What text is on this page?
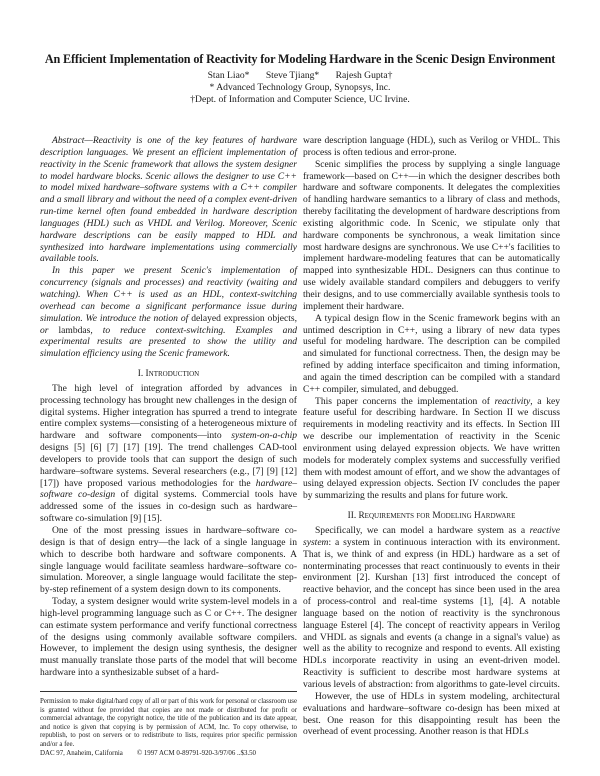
An Efficient Implementation of Reactivity for Modeling Hardware in the Scenic Design Environment
Stan Liao* Steve Tjiang* Rajesh Gupta†
* Advanced Technology Group, Synopsys, Inc.
†Dept. of Information and Computer Science, UC Irvine.

Abstract—Reactivity is one of the key features of hardware description languages. We present an efficient implementation of reactivity in the Scenic framework that allows the system designer to model hardware blocks. Scenic allows the designer to use C++ to model mixed hardware–software systems with a C++ compiler and a small library and without the need of a complex event-driven run-time kernel often found embedded in hardware description languages (HDL) such as VHDL and Verilog. Moreover, Scenic hardware descriptions can be easily mapped to HDL and synthesized into hardware implementations using commercially available tools.

In this paper we present Scenic's implementation of concurrency (signals and processes) and reactivity (waiting and watching). When C++ is used as an HDL, context-switching overhead can become a significant performance issue during simulation. We introduce the notion of delayed expression objects, or lambdas, to reduce context-switching. Examples and experimental results are presented to show the utility and simulation efficiency using the Scenic framework.

I. Introduction

The high level of integration afforded by advances in processing technology has brought new challenges in the design of digital systems. Higher integration has spurred a trend to integrate entire complex systems—consisting of a heterogeneous mixture of hardware and software components—into system-on-a-chip designs [5] [6] [7] [17] [19]. The trend challenges CAD-tool developers to provide tools that can support the design of such hardware–software systems. Several researchers (e.g., [7] [9] [12] [17]) have proposed various methodologies for the hardware–software co-design of digital systems. Commercial tools have addressed some of the issues in co-design such as hardware–software co-simulation [9] [15].

One of the most pressing issues in hardware–software co-design is that of design entry—the lack of a single language in which to describe both hardware and software components. A single language would facilitate seamless hardware–software co-simulation. Moreover, a single language would facilitate the step-by-step refinement of a system design down to its components.

Today, a system designer would write system-level models in a high-level programming language such as C or C++. The designer can estimate system performance and verify functional correctness of the designs using commonly available software compilers. However, to implement the design using synthesis, the designer must manually translate those parts of the model that will become hardware into a synthesizable subset of a hard-

Permission to make digital/hard copy of all or part of this work for personal or classroom use is granted without fee provided that copies are not made or distributed for profit or commercial advantage, the copyright notice, the title of the publication and its date appear, and notice is given that copying is by permission of ACM, Inc. To copy otherwise, to republish, to post on servers or to redistribute to lists, requires prior specific permission and/or a fee.
DAC 97, Anaheim, California © 1997 ACM 0-89791-920-3/97/06 ..$3.50

ware description language (HDL), such as Verilog or VHDL. This process is often tedious and error-prone.

Scenic simplifies the process by supplying a single language framework—based on C++—in which the designer describes both hardware and software components. It delegates the complexities of handling hardware semantics to a library of class and methods, thereby facilitating the development of hardware descriptions from existing algorithmic code. In Scenic, we stipulate only that hardware components be synchronous, a weak limitation since most hardware designs are synchronous. We use C++'s facilities to implement hardware-modeling features that can be automatically mapped into synthesizable HDL. Designers can thus continue to use widely available standard compilers and debuggers to verify their designs, and to use commercially available synthesis tools to implement their hardware.

A typical design flow in the Scenic framework begins with an untimed description in C++, using a library of new data types useful for modeling hardware. The description can be compiled and simulated for functional correctness. Then, the design may be refined by adding interface specificaiton and timing information, and again the timed description can be compiled with a standard C++ compiler, simulated, and debugged.

This paper concerns the implementation of reactivity, a key feature useful for describing hardware. In Section II we discuss requirements in modeling reactivity and its effects. In Section III we describe our implementation of reactivity in the Scenic environment using delayed expression objects. We have written models for moderately complex systems and successfully verified them with modest amount of effort, and we show the advantages of using delayed expression objects. Section IV concludes the paper by summarizing the results and plans for future work.

II. Requirements for Modeling Hardware

Specifically, we can model a hardware system as a reactive system: a system in continuous interaction with its environment. That is, we think of and express (in HDL) hardware as a set of nonterminating processes that react continuously to events in their environment [2]. Kurshan [13] first introduced the concept of reactive behavior, and the concept has since been used in the area of process-control and real-time systems [1], [4]. A notable language based on the notion of reactivity is the synchronous language Esterel [4]. The concept of reactivity appears in Verilog and VHDL as signals and events (a change in a signal's value) as well as the ability to recognize and respond to events. All existing HDLs incorporate reactivity in using an event-driven model. Reactivity is sufficient to describe most hardware systems at various levels of abstraction: from algorithms to gate-level circuits.

However, the use of HDLs in system modeling, architectural evaluations and hardware–software co-design has been mixed at best. One reason for this disappointing result has been the overhead of event processing. Another reason is that HDLs
